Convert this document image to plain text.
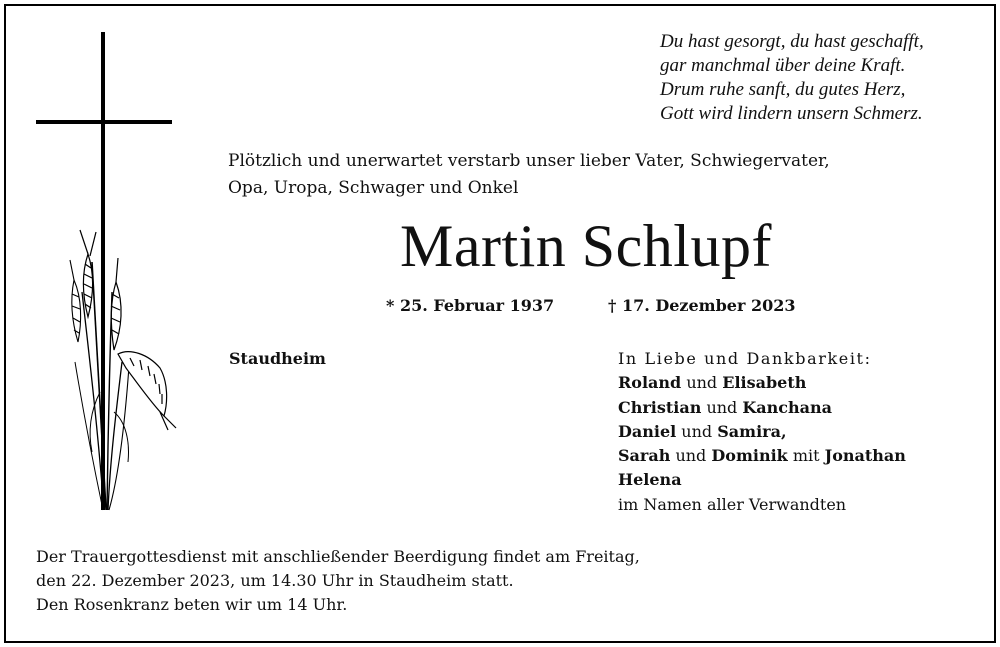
Du hast gesorgt, du hast geschafft,
gar manchmal über deine Kraft.
Drum ruhe sanft, du gutes Herz,
Gott wird lindern unsern Schmerz.
Plötzlich und unerwartet verstarb unser lieber Vater, Schwiegervater,
Opa, Uropa, Schwager und Onkel
Martin Schlupf
* 25. Februar 1937	† 17. Dezember 2023
Staudheim	In Liebe und Dankbarkeit:
Roland und Elisabeth
Christian und Kanchana
Daniel und Samira,
Sarah und Dominik mit Jonathan
Helena
im Namen aller Verwandten
Der Trauergottesdienst mit anschließender Beerdigung findet am Freitag,
den 22. Dezember 2023, um 14.30 Uhr in Staudheim statt.
Den Rosenkranz beten wir um 14 Uhr.
